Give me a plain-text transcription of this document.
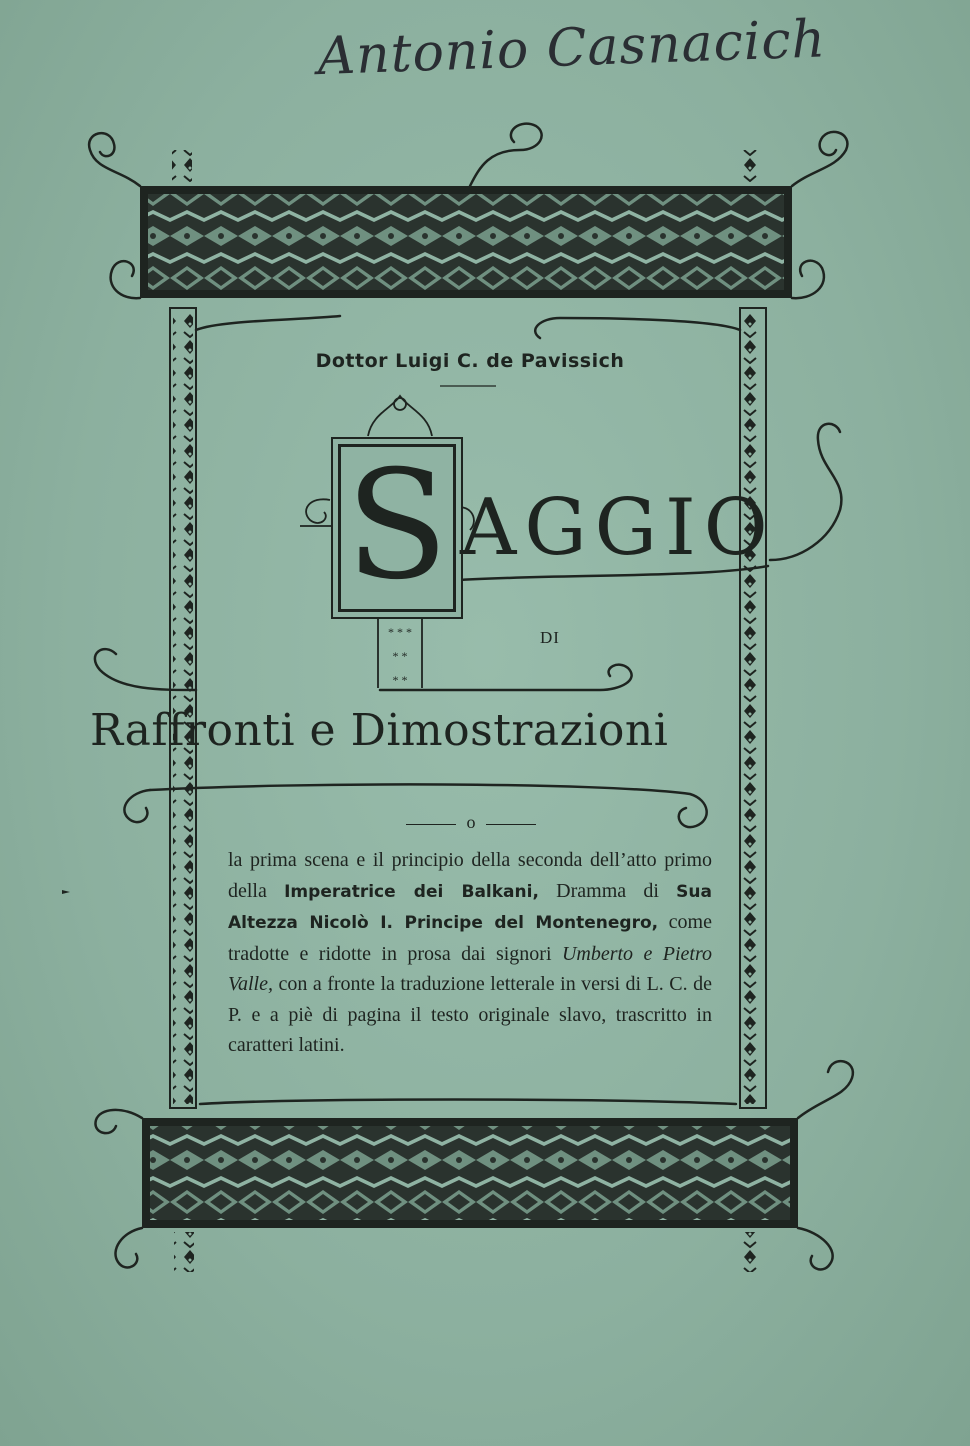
Antonio Casnacich
* * *
* *
* *
Dottor Luigi C. de Pavissich
S AGGIO
DI
Raffronti e Dimostrazioni
o
la prima scena e il principio della seconda dell’atto primo della Imperatrice dei Balkani, Dramma di Sua Altezza Nicolò I. Principe del Montenegro, come tradotte e ridotte in prosa dai signori Umberto e Pietro Valle, con a fronte la traduzione letterale in versi di L. C. de P. e a piè di pagina il testo originale slavo, trascritto in caratteri latini.
